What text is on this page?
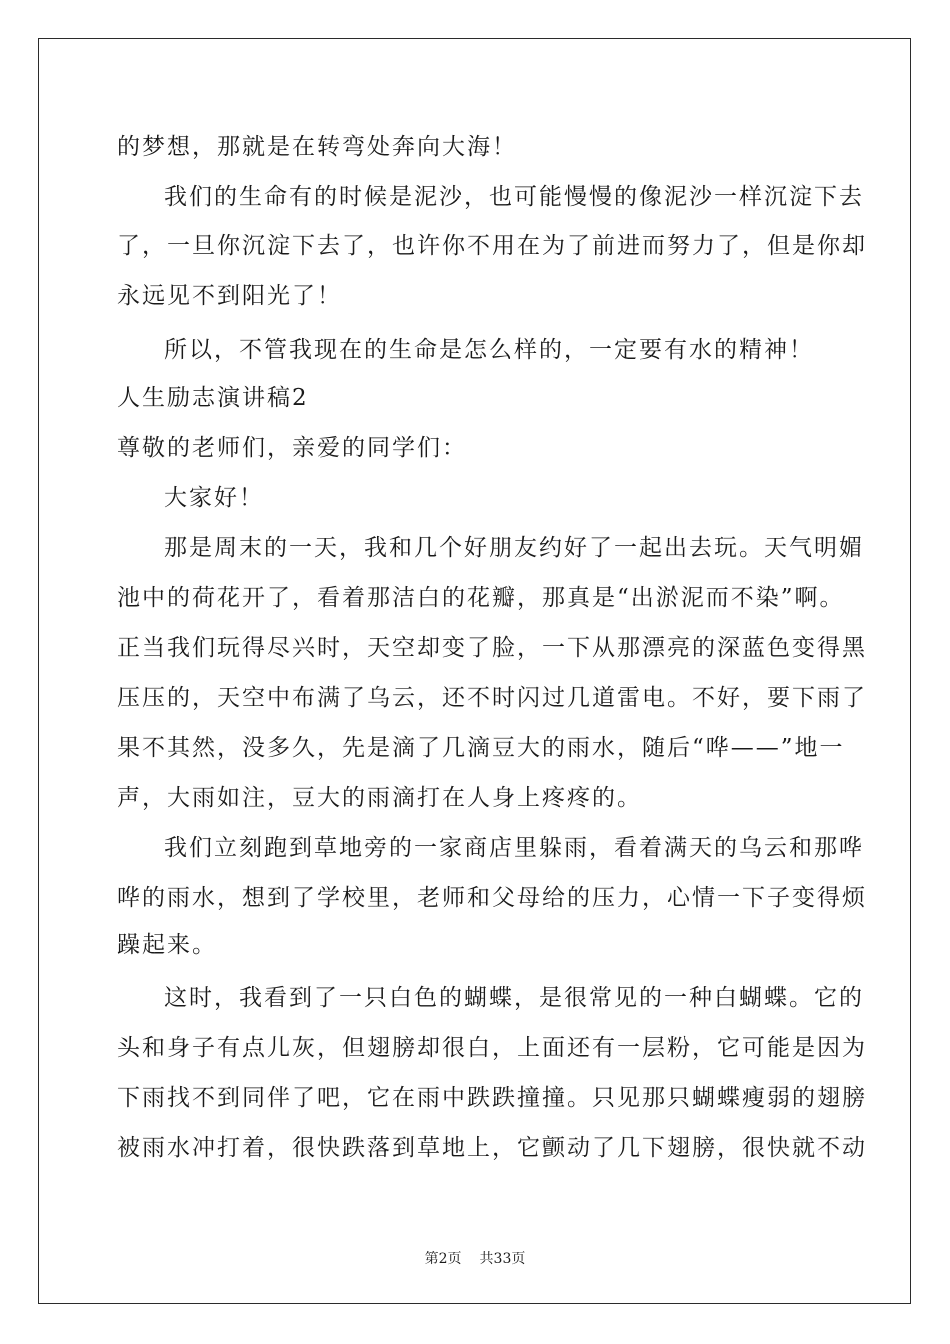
的梦想，那就是在转弯处奔向大海！
我们的生命有的时候是泥沙，也可能慢慢的像泥沙一样沉淀下去
了，一旦你沉淀下去了，也许你不用在为了前进而努力了，但是你却
永远见不到阳光了！
所以，不管我现在的生命是怎么样的，一定要有水的精神！
人生励志演讲稿2
尊敬的老师们，亲爱的同学们：
大家好！
那是周末的一天，我和几个好朋友约好了一起出去玩。天气明媚
池中的荷花开了，看着那洁白的花瓣，那真是“出淤泥而不染”啊。
正当我们玩得尽兴时，天空却变了脸，一下从那漂亮的深蓝色变得黑
压压的，天空中布满了乌云，还不时闪过几道雷电。不好，要下雨了
果不其然，没多久，先是滴了几滴豆大的雨水，随后“哗——”地一
声，大雨如注，豆大的雨滴打在人身上疼疼的。
我们立刻跑到草地旁的一家商店里躲雨，看着满天的乌云和那哗
哗的雨水，想到了学校里，老师和父母给的压力，心情一下子变得烦
躁起来。
这时，我看到了一只白色的蝴蝶，是很常见的一种白蝴蝶。它的
头和身子有点儿灰，但翅膀却很白，上面还有一层粉，它可能是因为
下雨找不到同伴了吧，它在雨中跌跌撞撞。只见那只蝴蝶瘦弱的翅膀
被雨水冲打着，很快跌落到草地上，它颤动了几下翅膀，很快就不动
第2页 共33页
